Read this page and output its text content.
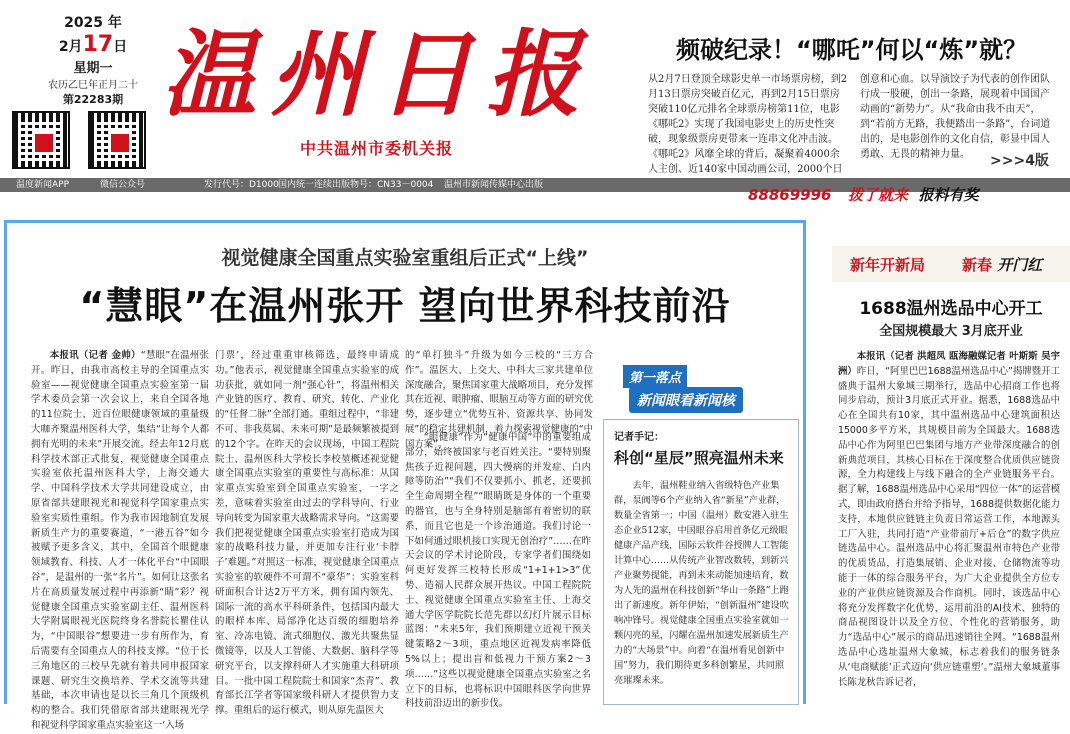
2025 年
2月17日
星期一
农历乙巳年正月二十
第22283期 温州日报
中共温州市委机关报
频破纪录！“哪吒”何以“炼”就？
从2月7日登顶全球影史单一市场票房榜，到2月13日票房突破百亿元，再到2月15日票房突破110亿元排名全球票房榜第11位，电影《哪吒2》实现了我国电影史上的历史性突破，现象级票房更带来一连串文化冲击波。《哪吒2》风靡全球的背后，凝聚着4000余人主创、近140家中国动画公司，2000个日
创意和心血。以导演饺子为代表的创作团队行成一股硬，创出一条路，展现着中国国产动画的“新势力”。从“我命由我不由天”，到“若前方无路，我便踏出一条路”，台词道出的，是电影创作的文化自信，彰显中国人勇敢、无畏的精神力量。	>>>4版
温度新闻APP	微信公众号	发行代号：D1000 国内统一连续出版物号：CN33－0004 温州市新闻传媒中心出版
88869996 拨了就来 报料有奖
视觉健康全国重点实验室重组后正式“上线”
“慧眼”在温州张开 望向世界科技前沿

本报讯（记者 金帅）“慧眼”在温州张开。昨日，由我市高校主导的全国重点实验室——视觉健康全国重点实验室第一届学术委员会第一次会议上，来自全国各地的11位院士、近百位眼健康领域的重量级大咖齐聚温州医科大学，集结“让每个人都拥有光明的未来”开展交流。经去年12月底科学技术部正式批复，视觉健康全国重点实验室依托温州医科大学，上海交通大学、中国科学技术大学共同建设成立，由原省部共建眼视光和视觉科学国家重点实验室实质性重组。作为我市因地制宜发展新质生产力的重要赛道，“一港五谷”如今被赋予更多含义，其中，全国首个眼健康领域教育、科技、人才一体化平台“中国眼谷”，是温州的一张“名片”。如何让这张名片在高质量发展过程中再添新“睛”彩？视觉健康全国重点实验室副主任、温州医科大学附属眼视光医院终身名誉院长瞿佳认为，“中国眼谷”想要进一步有所作为，育后需要有全国重点人的科技支撑。“位于长三角地区的三校早先就有着共同申报国家课题、研究生交换培养、学术交流等共建基础，本次申请也是以长三角几个顶级机构的整合。我们凭借原省部共建眼视光学和视觉科学国家重点实验室这一‘入场

门票’，经过重重审核筛选，最终申请成功。”他表示，视觉健康全国重点实验室的成功获批，就如同一剂“强心针”，将温州相关产业链的医疗、教育、研究、转化、产业化的“任督二脉”全部打通。重组过程中，“非建不可、非我莫属、未来可期”是最频繁被提到的12个字。在昨天的会议现场，中国工程院院士、温州医科大学校长李校堃概述视觉健康全国重点实验室的重要性与高标准：从国家重点实验室到全国重点实验室，一字之差，意味着实验室由过去的学科导向、行业导向转变为国家重大战略需求导向。“这需要我们把视觉健康全国重点实验室打造成为国家的战略科技力量，并更加专注行业‘卡脖子’难题。”对照这一标准，视觉健康全国重点实验室的软硬件不可谓不“豪华”：实验室科研面积合计达2万平方米，拥有国内领先、国际一流的高水平科研条件，包括国内最大的眼样本库、局部净化达百级的细胞培养室、冷冻电镜、流式细胞仪、激光共聚焦显微镜等，以及人工智能、大数据、脑科学等研究平台，以支撑科研人才实施重大科研项目。一批中国工程院院士和国家“杰青”、教育部长江学者等国家级科研人才提供智力支撑。重组后的运行模式，则从原先温医大

的“单打独斗”升级为如今三校的“三方合作”。温医大、上交大、中科大三家共建单位深度融合，聚焦国家重大战略项目，充分发挥其在近视、眼肿瘤、眼脑互动等方面的研究优势，逐步建立“优势互补、资源共享、协同发展”的稳定共建机制，着力探索视觉健康的“中国方案”。

“眼健康”作为“健康中国”中的重要组成部分，始终被国家与老百姓关注。“要特别聚焦孩子近视问题，四大慢病的并发症、白内障等防治”“我们不仅要抓小、抓老，还要抓全生命周期全程”“眼睛既是身体的一个重要的器官，也与全身特别是脑部有着密切的联系，而且它也是一个诊治通道。我们讨论一下如何通过眼机接口实现无创治疗”……在昨天会议的学术讨论阶段，专家学者们围绕如何更好发挥三校特长形成“1+1+1>3”优势、造福人民群众展开热议。中国工程院院士、视觉健康全国重点实验室主任、上海交通大学医学院院长范先群以幻灯片展示目标蓝图：“未来5年，我们预期建立近视干预关键策略2～3项，重点地区近视发病率降低5%以上；提出盲和低视力干预方案2～3项……”这些以视觉健康全国重点实验室之名立下的目标，也将标识中国眼科医学向世界科技前沿迈出的新步伐。

第一落点
新闻眼看新闻核
记者手记：
科创“星辰”照亮温州未来

去年，温州鞋业纳入省级特色产业集群，泵阀等6个产业纳入省“新星”产业群，数量全省第一；中国（温州）数安港入驻生态企业512家，中国眼谷启用首条亿元级眼健康产品产线，国际云软件谷授牌人工智能计算中心……从传统产业智改数转，到新兴产业聚势提能，再到未来动能加速培育，数为人先的温州在科技创新“华山一条路”上跑出了新速度。新年伊始，“创新温州”建设吹响冲锋号。视觉健康全国重点实验室就如一颗闪亮的星，闪耀在温州加速发展新质生产力的“大场景”中。向着“在温州看见创新中国”努力，我们期待更多科创繁星，共同照亮璀璨未来。

新年开新局 新春 开门红
1688温州选品中心开工
全国规模最大 3月底开业

本报讯（记者 洪超凤 瓯海融媒记者 叶斯斯 吴宇洲）昨日，“阿里巴巴1688温州选品中心”揭牌暨开工盛典于温州大象城三期举行，选品中心招商工作也将同步启动，预计3月底正式开业。据悉，1688选品中心在全国共有10家，其中温州选品中心建筑面积达15000多平方米，其规模目前为全国最大。1688选品中心作为阿里巴巴集团与地方产业带深度融合的创新典范项目，其核心目标在于深度整合优质供应链资源，全力构建线上与线下融合的全产业链服务平台。据了解，1688温州选品中心采用“四位一体”的运营模式，即由政府搭台并给予指导，1688提供数据化能力支持，本地供应链链主负责日常运营工作，本地源头工厂入驻，共同打造“产业带前厅+后仓”的数字供应链选品中心。温州选品中心将汇聚温州市特色产业带的优质货品，打造集展销、企业对接、仓储物流等功能于一体的综合服务平台，为广大企业提供全方位专业的产业供应链资源及合作商机。同时，该选品中心将充分发挥数字化优势，运用前沿的AI技术、独特的商品视图设计以及全方位、个性化的营销服务，助力“选品中心”展示的商品迅速销往全网。“1688温州选品中心选址温州大象城，标志着我们的服务链条从‘电商赋能’正式迈向‘供应链重塑’。”温州大象城董事长陈龙秋告诉记者，
